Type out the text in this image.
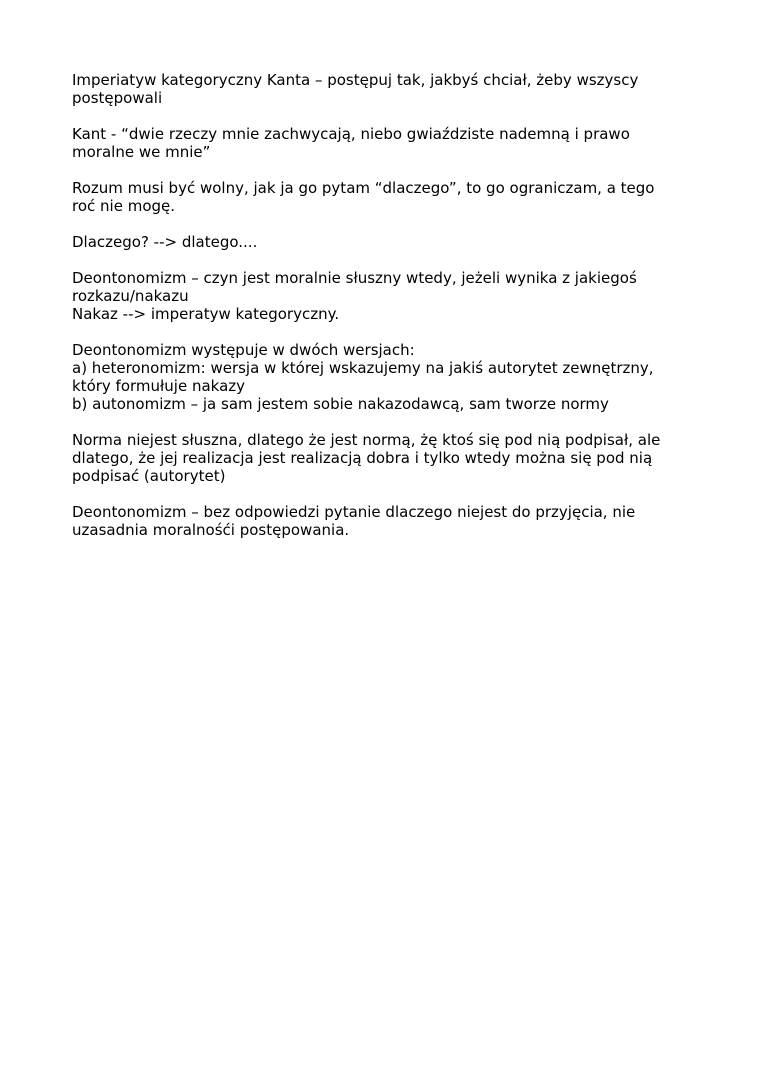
Imperiatyw kategoryczny Kanta – postępuj tak, jakbyś chciał, żeby wszyscy
postępowali

Kant - “dwie rzeczy mnie zachwycają, niebo gwiaździste nademną i prawo
moralne we mnie”

Rozum musi być wolny, jak ja go pytam “dlaczego”, to go ograniczam, a tego
roć nie mogę.

Dlaczego? --> dlatego....

Deontonomizm – czyn jest moralnie słuszny wtedy, jeżeli wynika z jakiegoś
rozkazu/nakazu
Nakaz --> imperatyw kategoryczny.

Deontonomizm występuje w dwóch wersjach:
a) heteronomizm: wersja w której wskazujemy na jakiś autorytet zewnętrzny,
który formułuje nakazy
b) autonomizm – ja sam jestem sobie nakazodawcą, sam tworze normy

Norma niejest słuszna, dlatego że jest normą, żę ktoś się pod nią podpisał, ale
dlatego, że jej realizacja jest realizacją dobra i tylko wtedy można się pod nią
podpisać (autorytet)

Deontonomizm – bez odpowiedzi pytanie dlaczego niejest do przyjęcia, nie
uzasadnia moralnośći postępowania.
